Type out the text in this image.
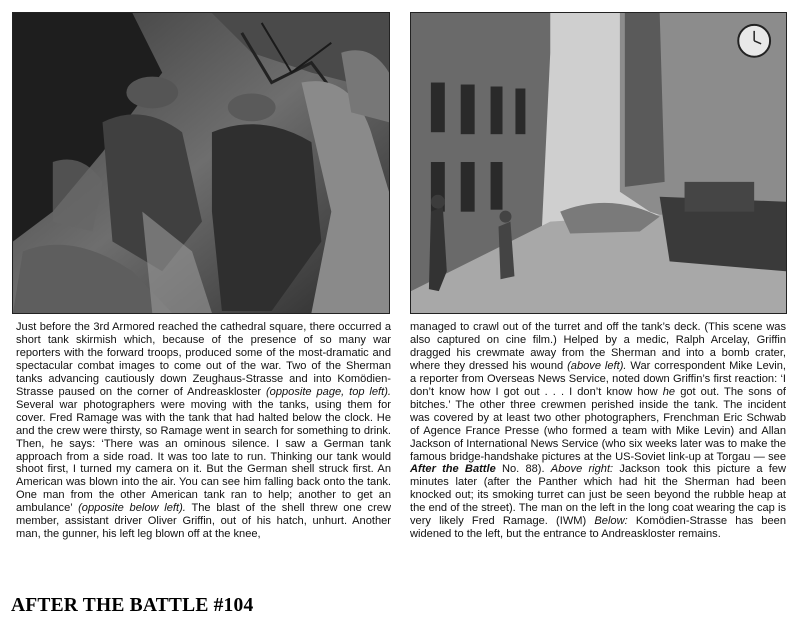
Just before the 3rd Armored reached the cathedral square, there occurred a short tank skirmish which, because of the presence of so many war reporters with the forward troops, produced some of the most-dramatic and spectacular combat images to come out of the war. Two of the Sherman tanks advancing cautiously down Zeughaus-Strasse and into Komödien-Strasse paused on the corner of Andreaskloster (opposite page, top left). Several war photographers were moving with the tanks, using them for cover. Fred Ramage was with the tank that had halted below the clock. He and the crew were thirsty, so Ramage went in search for something to drink. Then, he says: ‘There was an ominous silence. I saw a German tank approach from a side road. It was too late to run. Thinking our tank would shoot first, I turned my camera on it. But the German shell struck first. An American was blown into the air. You can see him falling back onto the tank. One man from the other American tank ran to help; another to get an ambulance’ (opposite below left). The blast of the shell threw one crew member, assistant driver Oliver Griffin, out of his hatch, unhurt. Another man, the gunner, his left leg blown off at the knee,

managed to crawl out of the turret and off the tank’s deck. (This scene was also captured on cine film.) Helped by a medic, Ralph Arcelay, Griffin dragged his crewmate away from the Sherman and into a bomb crater, where they dressed his wound (above left). War correspondent Mike Levin, a reporter from Overseas News Service, noted down Griffin’s first reaction: ‘I don’t know how I got out . . . I don’t know how he got out. The sons of bitches.’ The other three crewmen perished inside the tank. The incident was covered by at least two other photographers, Frenchman Eric Schwab of Agence France Presse (who formed a team with Mike Levin) and Allan Jackson of International News Service (who six weeks later was to make the famous bridge-handshake pictures at the US-Soviet link-up at Torgau — see After the Battle No. 88). Above right: Jackson took this picture a few minutes later (after the Panther which had hit the Sherman had been knocked out; its smoking turret can just be seen beyond the rubble heap at the end of the street). The man on the left in the long coat wearing the cap is very likely Fred Ramage. (IWM) Below: Komödien-Strasse has been widened to the left, but the entrance to Andreaskloster remains.

AFTER THE BATTLE #104
